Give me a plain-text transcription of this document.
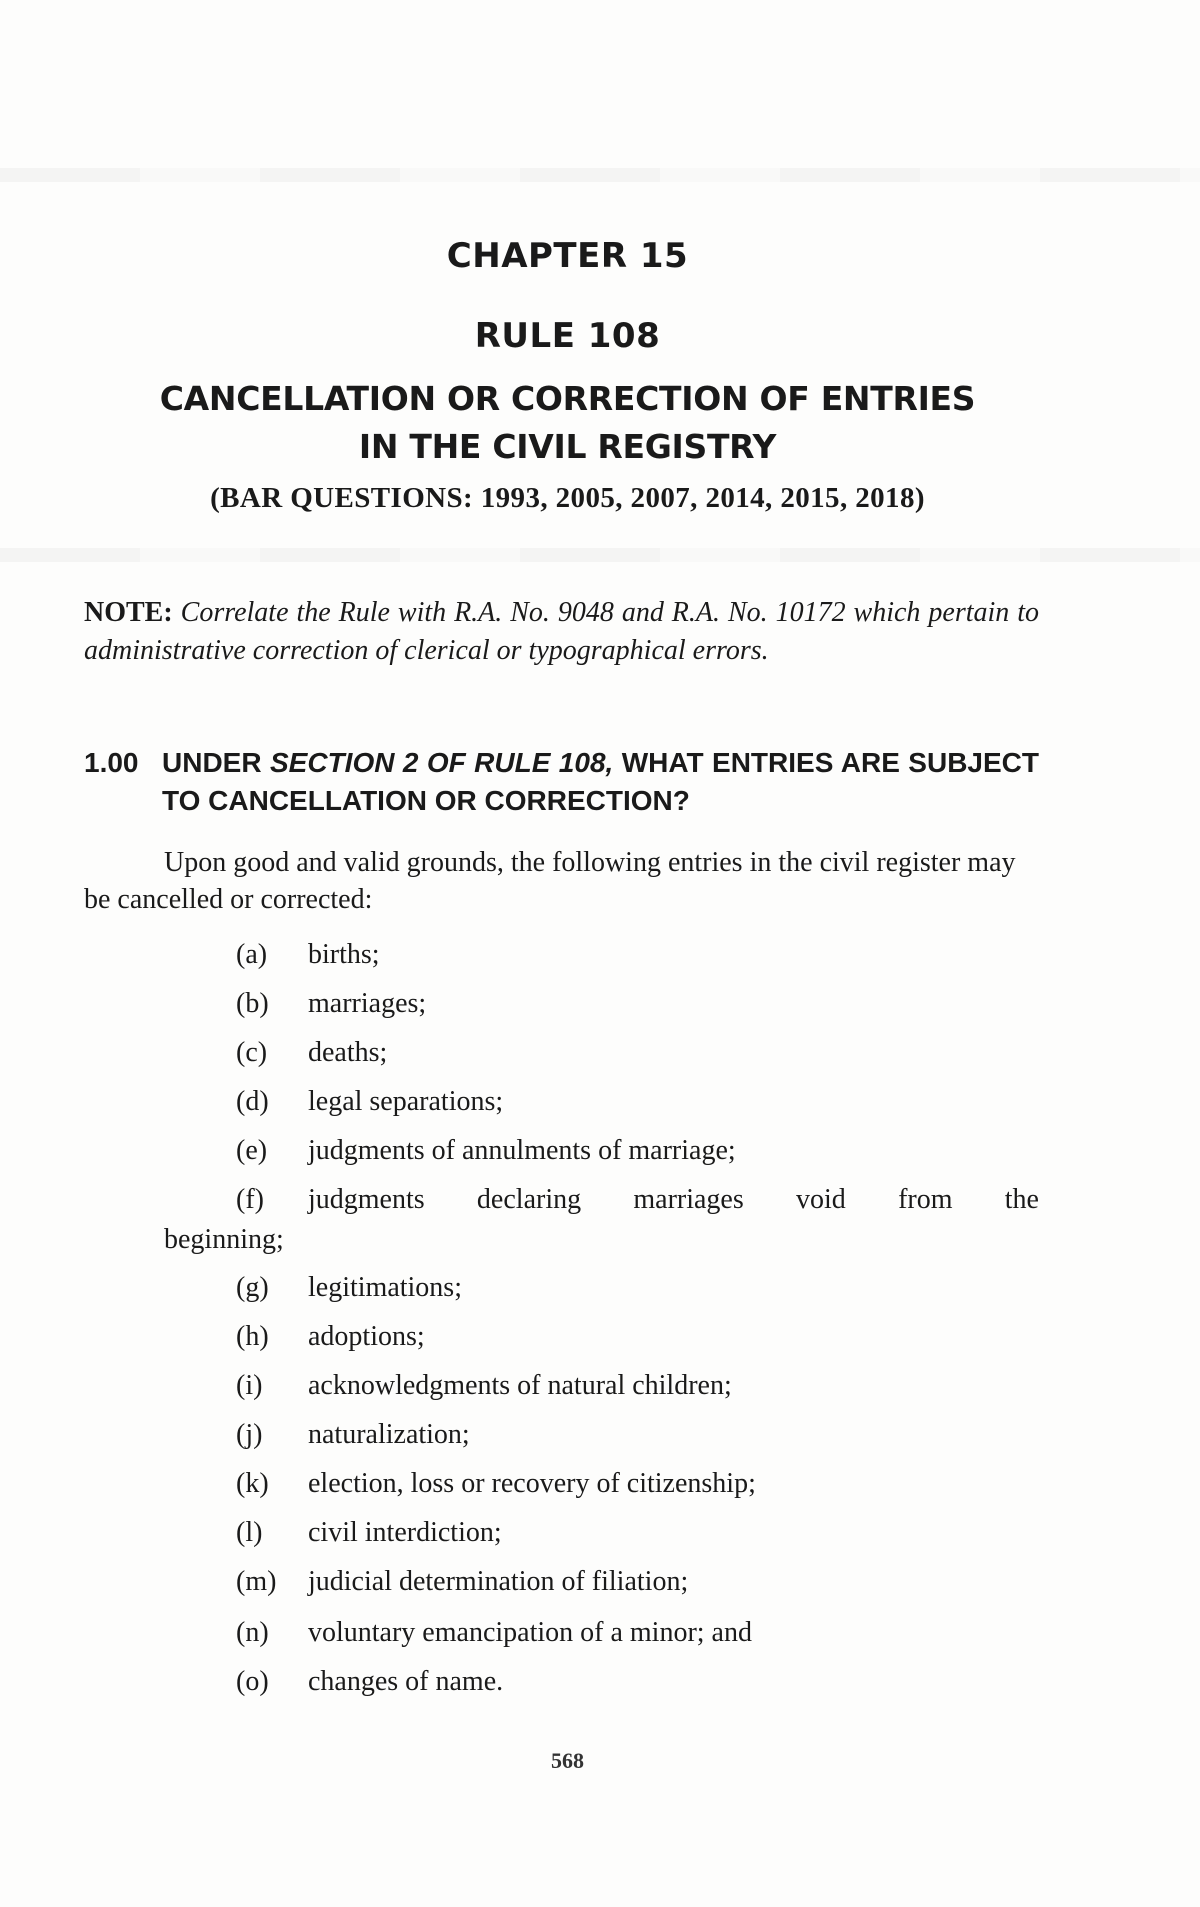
CHAPTER 15
RULE 108
CANCELLATION OR CORRECTION OF ENTRIES
IN THE CIVIL REGISTRY

(BAR QUESTIONS: 1993, 2005, 2007, 2014, 2015, 2018)

NOTE: Correlate the Rule with R.A. No. 9048 and R.A. No. 10172 which pertain to administrative correction of clerical or typographical errors.

1.00 UNDER SECTION 2 OF RULE 108, WHAT ENTRIES ARE SUBJECT TO CANCELLATION OR CORRECTION?

Upon good and valid grounds, the following entries in the civil register may be cancelled or corrected:

(a) births;
(b) marriages;
(c) deaths;
(d) legal separations;
(e) judgments of annulments of marriage;
(f) judgments declaring marriages void from the
beginning;
(g) legitimations;
(h) adoptions;
(i) acknowledgments of natural children;
(j) naturalization;
(k) election, loss or recovery of citizenship;
(l) civil interdiction;
(m) judicial determination of filiation;
(n) voluntary emancipation of a minor; and
(o) changes of name.

568
